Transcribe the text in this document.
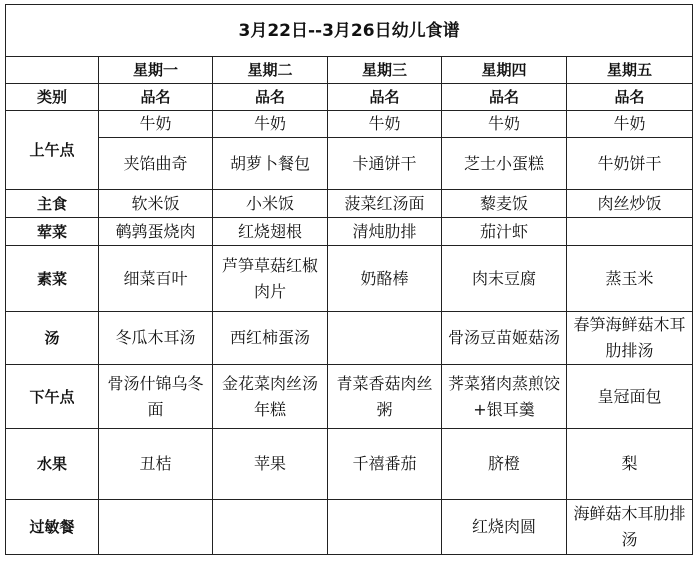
3月22日--3月26日幼儿食谱					
	星期一	星期二	星期三	星期四	星期五
类别	品名	品名	品名	品名	品名
上午点	牛奶	牛奶	牛奶	牛奶	牛奶
	夹馅曲奇	胡萝卜餐包	卡通饼干	芝士小蛋糕	牛奶饼干
主食	软米饭	小米饭	菠菜红汤面	藜麦饭	肉丝炒饭
荤菜	鹌鹑蛋烧肉	红烧翅根	清炖肋排	茄汁虾	
素菜	细菜百叶	芦笋草菇红椒肉片	奶酪棒	肉末豆腐	蒸玉米
汤	冬瓜木耳汤	西红柿蛋汤		骨汤豆苗姬菇汤	春笋海鲜菇木耳肋排汤
下午点	骨汤什锦乌冬面	金花菜肉丝汤年糕	青菜香菇肉丝粥	荠菜猪肉蒸煎饺+银耳羹	皇冠面包
水果	丑桔	苹果	千禧番茄	脐橙	梨
过敏餐				红烧肉圆	海鲜菇木耳肋排汤
